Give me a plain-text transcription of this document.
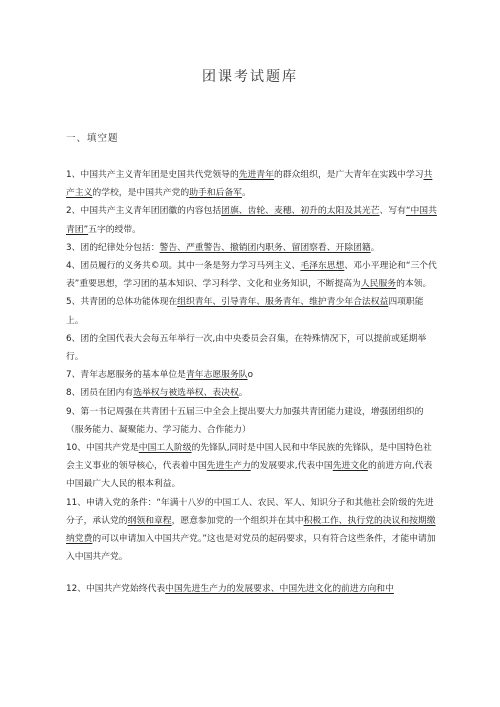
团课考试题库
一、填空题
1、中国共产主义青年团是史国共代党领导的先进青年的群众组织，是广大青年在实践中学习共产主义的学校，是中国共产党的助手和后备军。
2、中国共产主义青年团团徽的内容包括团旗、齿轮、麦穗、初升的太阳及其光芒、写有“中国共青团”五字的绶带。
3、团的纪律处分包括：警告、严重警告、撤销团内职务、留团察看、开除团籍。
4、团员履行的义务共©项。其中一条是努力学习马列主义、毛泽东思想、邓小平理论和“三个代表”重要思想，学习团的基本知识、学习科学、文化和业务知识，不断提高为人民服务的本领。
5、共青团的总体功能体现在组织青年、引导青年、服务青年、维护青少年合法权益四项职能上。
6、团的全国代表大会每五年举行一次,由中央委员会召集，在特殊情况下，可以提前或延期举行。
7、青年志愿服务的基本单位是青年志愿服务队o
8、团员在团内有选举权与被选举权、表决权。
9、第一书记周强在共青团十五届三中全会上提出要大力加强共青团能力建设，增强团组织的（服务能力、凝聚能力、学习能力、合作能力）
10、中国共产党是中国工人阶级的先锋队,同时是中国人民和中华民族的先锋队，是中国特色社会主义事业的领导核心，代表着中国先进生产力的发展要求,代表中国先进文化的前进方向,代表中国最广大人民的根本利益。
11、申请入党的条件：“年满十八岁的中国工人、农民、军人、知识分子和其他社会阶级的先进分子，承认党的纲领和章程，愿意参加党的一个组织并在其中积极工作、执行党的决议和按期缴纳党费的可以申请加入中国共产党。”这也是对党员的起码要求，只有符合这些条件，才能申请加入中国共产党。
12、中国共产党始终代表中国先进生产力的发展要求、中国先进文化的前进方向和中
